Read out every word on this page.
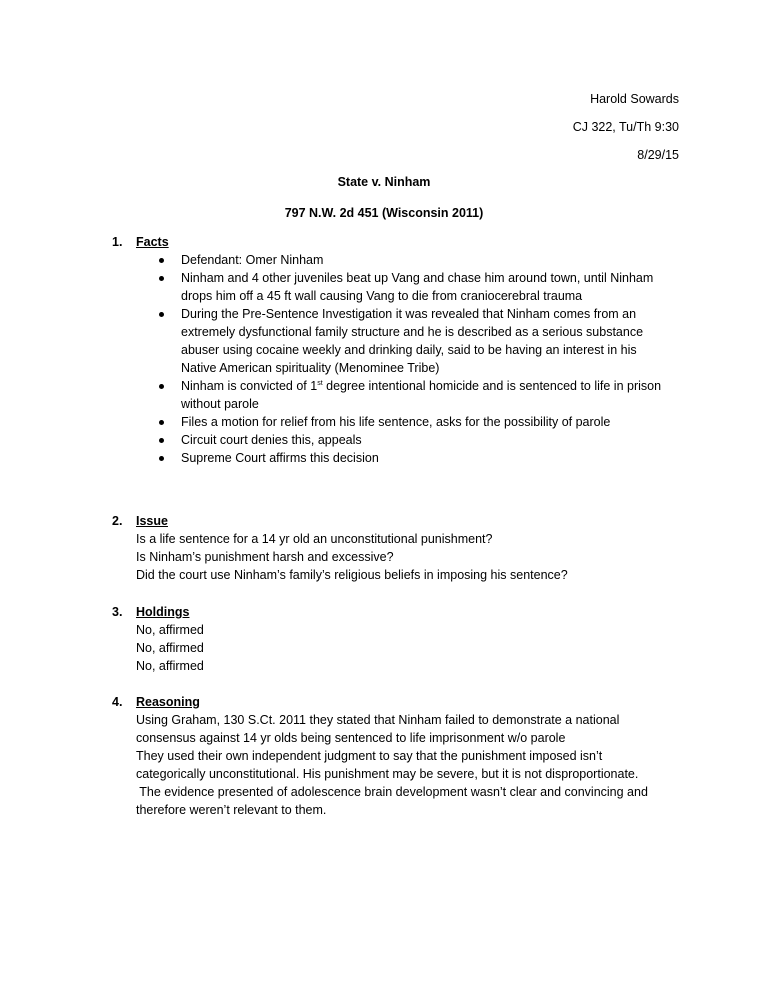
Harold Sowards
CJ 322, Tu/Th 9:30
8/29/15
State v. Ninham
797 N.W. 2d 451 (Wisconsin 2011)
1. Facts
Defendant: Omer Ninham
Ninham and 4 other juveniles beat up Vang and chase him around town, until Ninham
drops him off a 45 ft wall causing Vang to die from craniocerebral trauma
During the Pre-Sentence Investigation it was revealed that Ninham comes from an
extremely dysfunctional family structure and he is described as a serious substance
abuser using cocaine weekly and drinking daily, said to be having an interest in his
Native American spirituality (Menominee Tribe)
Ninham is convicted of 1st degree intentional homicide and is sentenced to life in prison
without parole
Files a motion for relief from his life sentence, asks for the possibility of parole
Circuit court denies this, appeals
Supreme Court affirms this decision
2. Issue
Is a life sentence for a 14 yr old an unconstitutional punishment?
Is Ninham’s punishment harsh and excessive?
Did the court use Ninham’s family’s religious beliefs in imposing his sentence?
3. Holdings
No, affirmed
No, affirmed
No, affirmed
4. Reasoning
Using Graham, 130 S.Ct. 2011 they stated that Ninham failed to demonstrate a national
consensus against 14 yr olds being sentenced to life imprisonment w/o parole
They used their own independent judgment to say that the punishment imposed isn’t
categorically unconstitutional. His punishment may be severe, but it is not disproportionate.
The evidence presented of adolescence brain development wasn’t clear and convincing and
therefore weren’t relevant to them.
